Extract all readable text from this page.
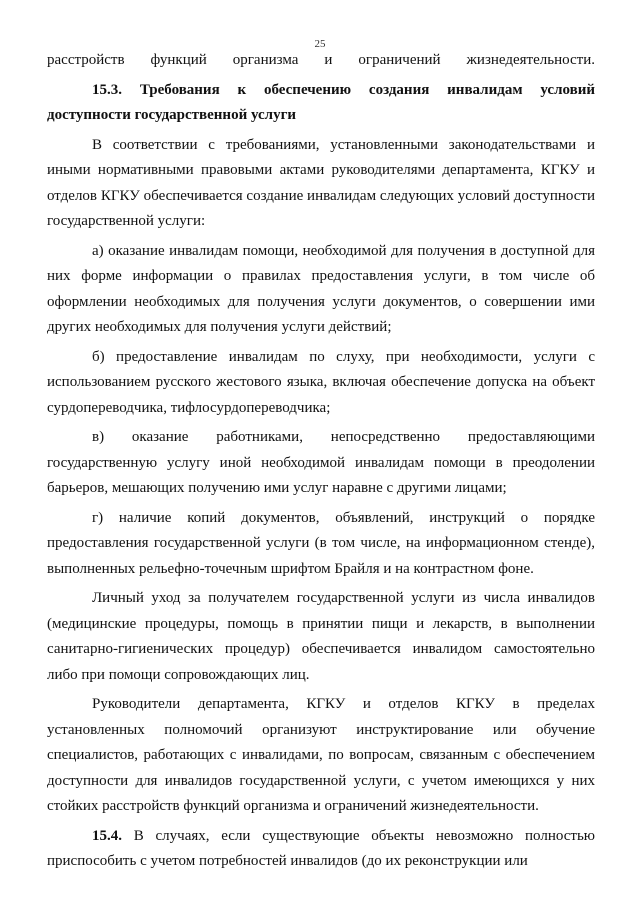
25

расстройств функций организма и ограничений жизнедеятельности.

15.3. Требования к обеспечению создания инвалидам условий доступности государственной услуги

В соответствии с требованиями, установленными законодательствами и иными нормативными правовыми актами руководителями департамента, КГКУ и отделов КГКУ обеспечивается создание инвалидам следующих условий доступности государственной услуги:

а) оказание инвалидам помощи, необходимой для получения в доступной для них форме информации о правилах предоставления услуги, в том числе об оформлении необходимых для получения услуги документов, о совершении ими других необходимых для получения услуги действий;

б) предоставление инвалидам по слуху, при необходимости, услуги с использованием русского жестового языка, включая обеспечение допуска на объект сурдопереводчика, тифлосурдопереводчика;

в) оказание работниками, непосредственно предоставляющими государственную услугу иной необходимой инвалидам помощи в преодолении барьеров, мешающих получению ими услуг наравне с другими лицами;

г) наличие копий документов, объявлений, инструкций о порядке предоставления государственной услуги (в том числе, на информационном стенде), выполненных рельефно-точечным шрифтом Брайля и на контрастном фоне.

Личный уход за получателем государственной услуги из числа инвалидов (медицинские процедуры, помощь в принятии пищи и лекарств, в выполнении санитарно-гигиенических процедур) обеспечивается инвалидом самостоятельно либо при помощи сопровождающих лиц.

Руководители департамента, КГКУ и отделов КГКУ в пределах установленных полномочий организуют инструктирование или обучение специалистов, работающих с инвалидами, по вопросам, связанным с обеспечением доступности для инвалидов государственной услуги, с учетом имеющихся у них стойких расстройств функций организма и ограничений жизнедеятельности.

15.4. В случаях, если существующие объекты невозможно полностью приспособить с учетом потребностей инвалидов (до их реконструкции или
